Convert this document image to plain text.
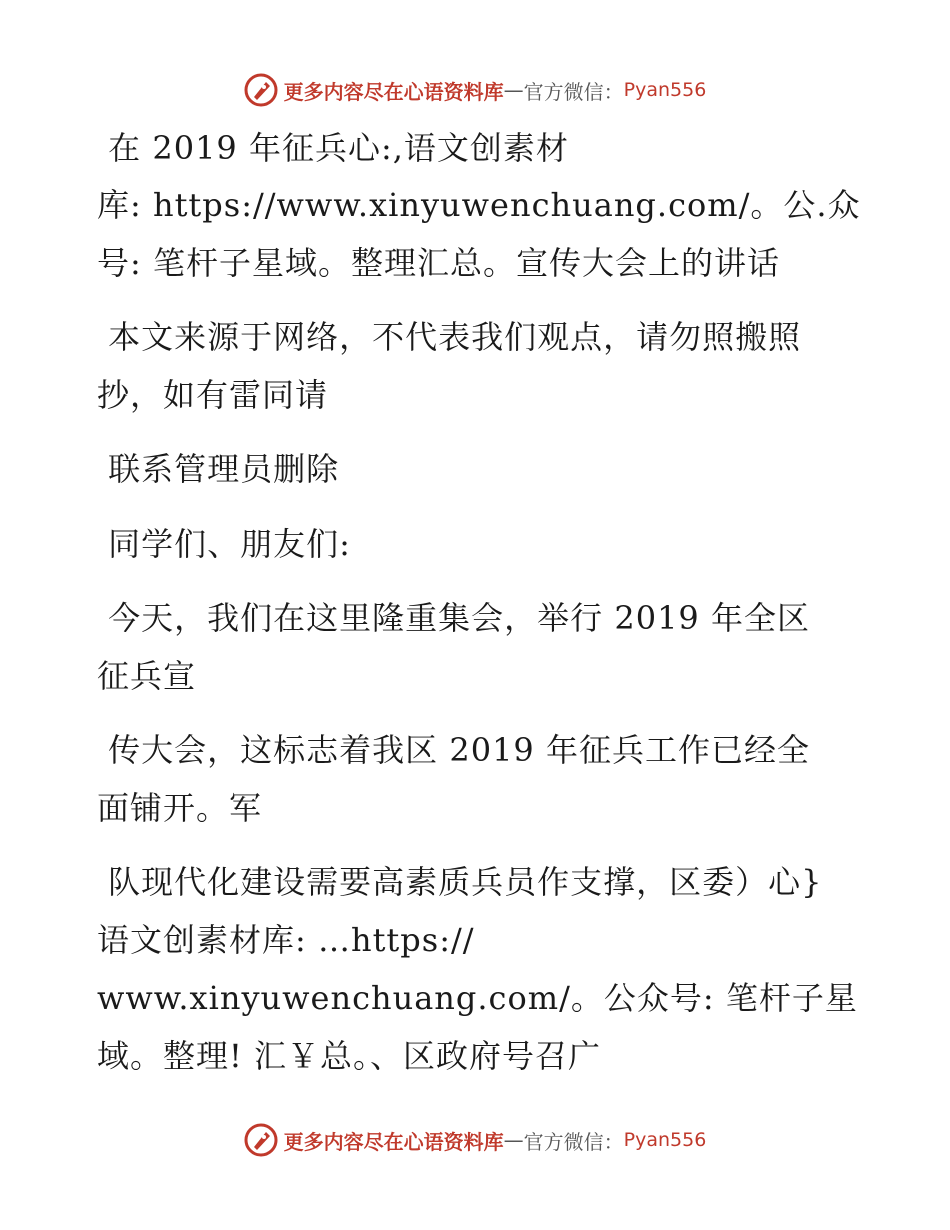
更多内容尽在心语资料库 — 官方微信： Pyan556
在 2019 年征兵心:,语文创素材
库: https://www.xinyuwenchuang.com/。公.众
号: 笔杆子星域。整理汇总。宣传大会上的讲话
本文来源于网络，不代表我们观点，请勿照搬照
抄，如有雷同请
联系管理员删除
同学们、朋友们:
今天，我们在这里隆重集会，举行 2019 年全区
征兵宣
传大会，这标志着我区 2019 年征兵工作已经全
面铺开。军
队现代化建设需要高素质兵员作支撑，区委）心}
语文创素材库: …https://
www.xinyuwenchuang.com/。公众号: 笔杆子星
域。整理! 汇￥总。、区政府号召广
更多内容尽在心语资料库 — 官方微信： Pyan556
